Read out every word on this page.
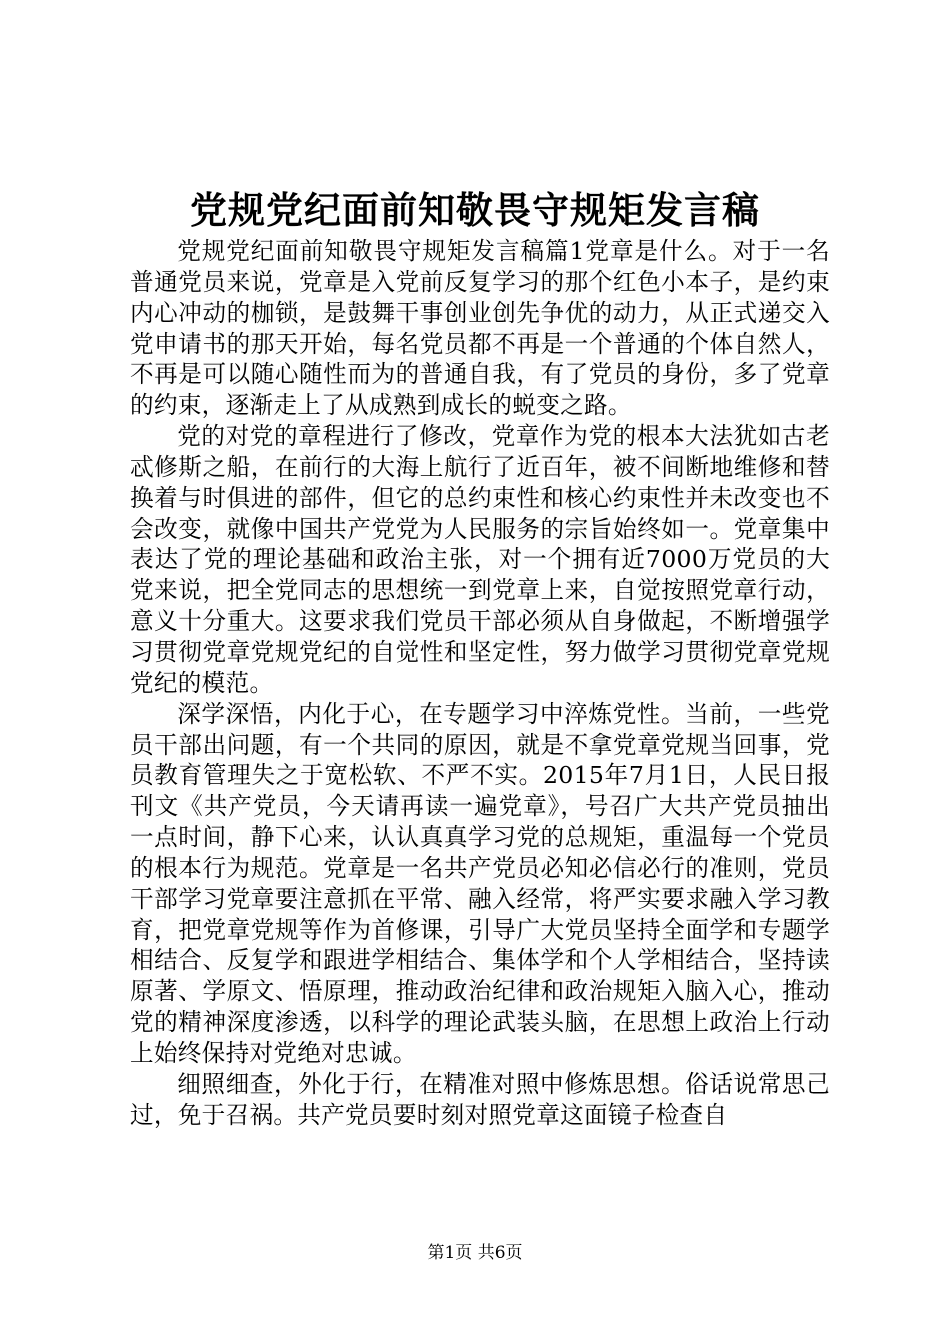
党规党纪面前知敬畏守规矩发言稿

党规党纪面前知敬畏守规矩发言稿篇1党章是什么。对于一名普通党员来说，党章是入党前反复学习的那个红色小本子，是约束内心冲动的枷锁，是鼓舞干事创业创先争优的动力，从正式递交入党申请书的那天开始，每名党员都不再是一个普通的个体自然人，不再是可以随心随性而为的普通自我，有了党员的身份，多了党章的约束，逐渐走上了从成熟到成长的蜕变之路。

党的对党的章程进行了修改，党章作为党的根本大法犹如古老忒修斯之船，在前行的大海上航行了近百年，被不间断地维修和替换着与时俱进的部件，但它的总约束性和核心约束性并未改变也不会改变，就像中国共产党党为人民服务的宗旨始终如一。党章集中表达了党的理论基础和政治主张，对一个拥有近7000万党员的大党来说，把全党同志的思想统一到党章上来，自觉按照党章行动，意义十分重大。这要求我们党员干部必须从自身做起，不断增强学习贯彻党章党规党纪的自觉性和坚定性，努力做学习贯彻党章党规党纪的模范。

深学深悟，内化于心，在专题学习中淬炼党性。当前，一些党员干部出问题，有一个共同的原因，就是不拿党章党规当回事，党员教育管理失之于宽松软、不严不实。2015年7月1日，人民日报刊文《共产党员，今天请再读一遍党章》，号召广大共产党员抽出一点时间，静下心来，认认真真学习党的总规矩，重温每一个党员的根本行为规范。党章是一名共产党员必知必信必行的准则，党员干部学习党章要注意抓在平常、融入经常，将严实要求融入学习教育，把党章党规等作为首修课，引导广大党员坚持全面学和专题学相结合、反复学和跟进学相结合、集体学和个人学相结合，坚持读原著、学原文、悟原理，推动政治纪律和政治规矩入脑入心，推动党的精神深度渗透，以科学的理论武装头脑，在思想上政治上行动上始终保持对党绝对忠诚。

细照细查，外化于行，在精准对照中修炼思想。俗话说常思己过，免于召祸。共产党员要时刻对照党章这面镜子检查自

第1页 共6页
